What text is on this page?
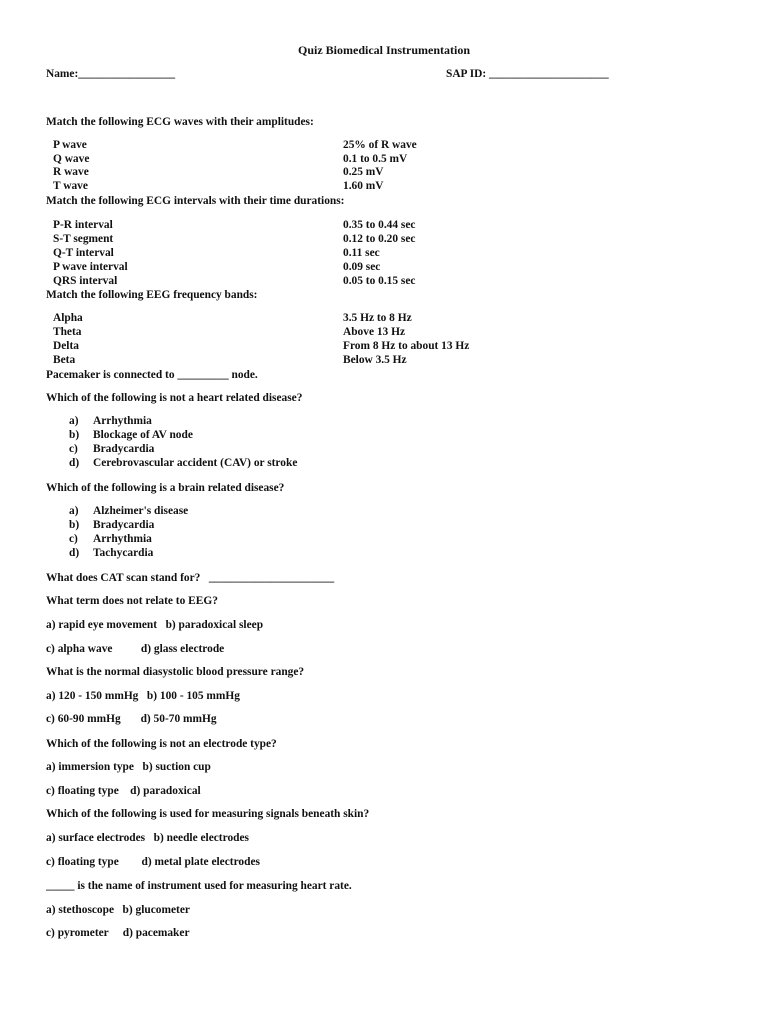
Quiz Biomedical Instrumentation
Name:_________________	SAP ID: _____________________
Match the following ECG waves with their amplitudes:
P wave
Q wave
R wave
T wave
25% of R wave
0.1 to 0.5 mV
0.25 mV
1.60 mV
Match the following ECG intervals with their time durations:
P-R interval
S-T segment
Q-T interval
P wave interval
QRS interval
0.35 to 0.44 sec
0.12 to 0.20 sec
0.11 sec
0.09 sec
0.05 to 0.15 sec
Match the following EEG frequency bands:
Alpha
Theta
Delta
Beta
3.5 Hz to 8 Hz
Above 13 Hz
From 8 Hz to about 13 Hz
Below 3.5 Hz
Pacemaker is connected to _________ node.
Which of the following is not a heart related disease?
a)
b)
c)
d)
Arrhythmia
Blockage of AV node
Bradycardia
Cerebrovascular accident (CAV) or stroke
Which of the following is a brain related disease?
a)
b)
c)
d)
Alzheimer's disease
Bradycardia
Arrhythmia
Tachycardia
What does CAT scan stand for?   ______________________
What term does not relate to EEG?
a) rapid eye movement   b) paradoxical sleep
c) alpha wave          d) glass electrode
What is the normal diasystolic blood pressure range?
a) 120 - 150 mmHg   b) 100 - 105 mmHg
c) 60-90 mmHg       d) 50-70 mmHg
Which of the following is not an electrode type?
a) immersion type   b) suction cup
c) floating type    d) paradoxical
Which of the following is used for measuring signals beneath skin?
a) surface electrodes   b) needle electrodes
c) floating type        d) metal plate electrodes
_____ is the name of instrument used for measuring heart rate.
a) stethoscope   b) glucometer
c) pyrometer     d) pacemaker
